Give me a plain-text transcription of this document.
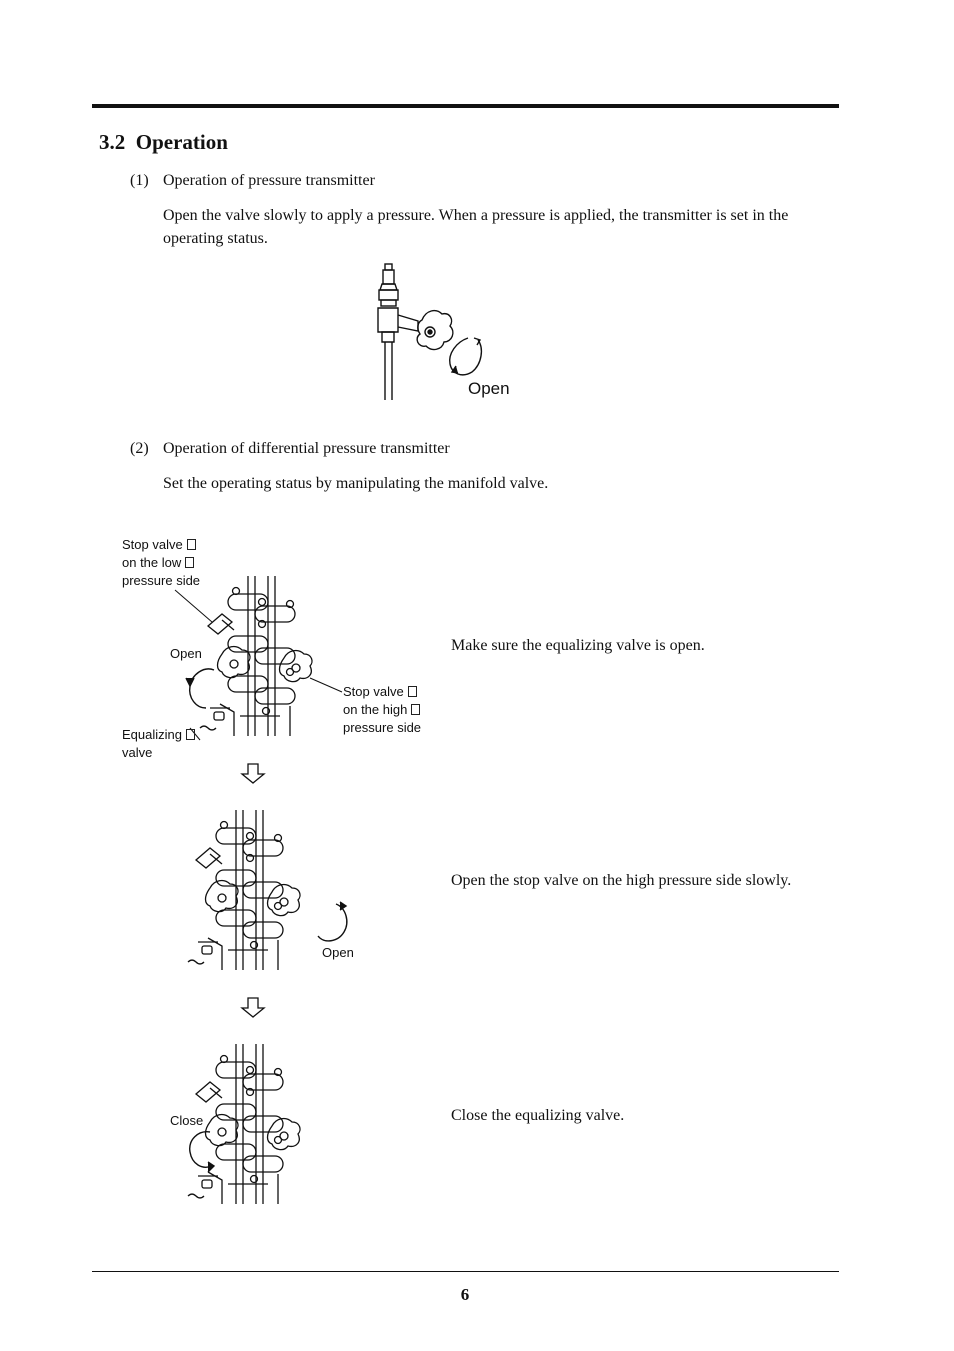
3.2 Operation
(1) Operation of pressure transmitter
Open the valve slowly to apply a pressure. When a pressure is applied, the transmitter is set in the operating status.
Open
(2) Operation of differential pressure transmitter
Set the operating status by manipulating the manifold valve.
Stop valve
on the low
pressure side
Open
Stop valve
on the high
pressure side
Equalizing
valve
Make sure the equalizing valve is open.
Open
Open the stop valve on the high pressure side slowly.
Close	Close the equalizing valve.
6
